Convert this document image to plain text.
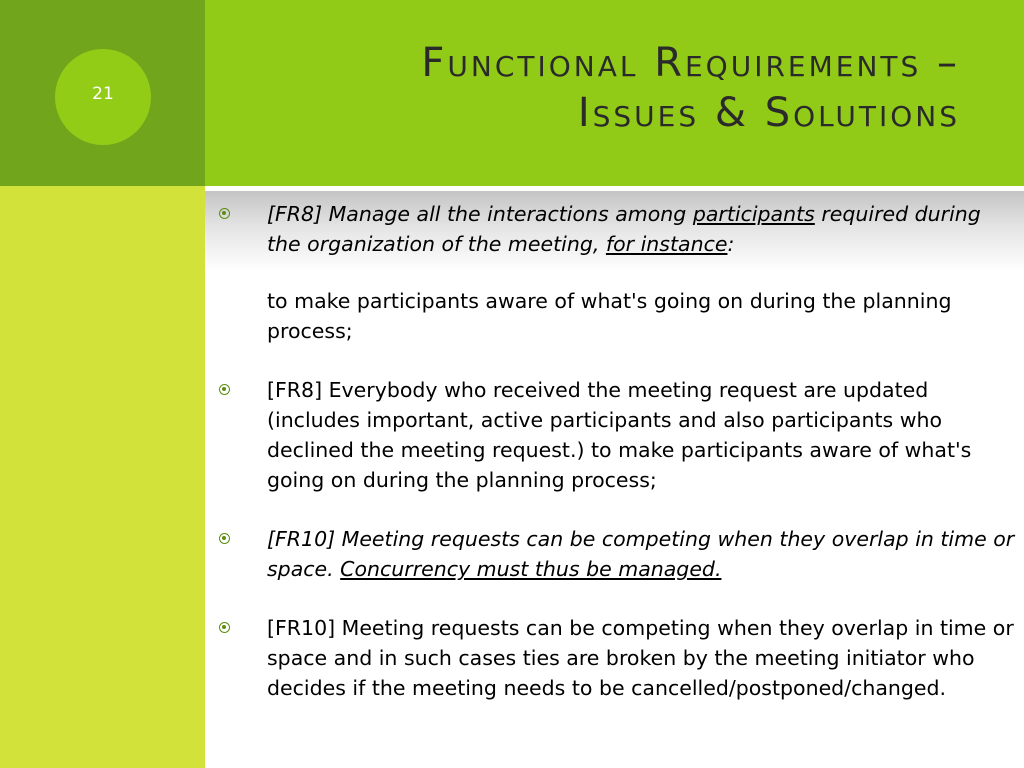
21
Functional Requirements –
Issues & Solutions
[FR8] Manage all the interactions among participants required during the organization of the meeting, for instance:
to make participants aware of what's going on during the planning process;
[FR8] Everybody who received the meeting request are updated (includes important, active participants and also participants who declined the meeting request.) to make participants aware of what's going on during the planning process;
[FR10] Meeting requests can be competing when they overlap in time or space. Concurrency must thus be managed.
[FR10] Meeting requests can be competing when they overlap in time or space and in such cases ties are broken by the meeting initiator who decides if the meeting needs to be cancelled/postponed/changed.
